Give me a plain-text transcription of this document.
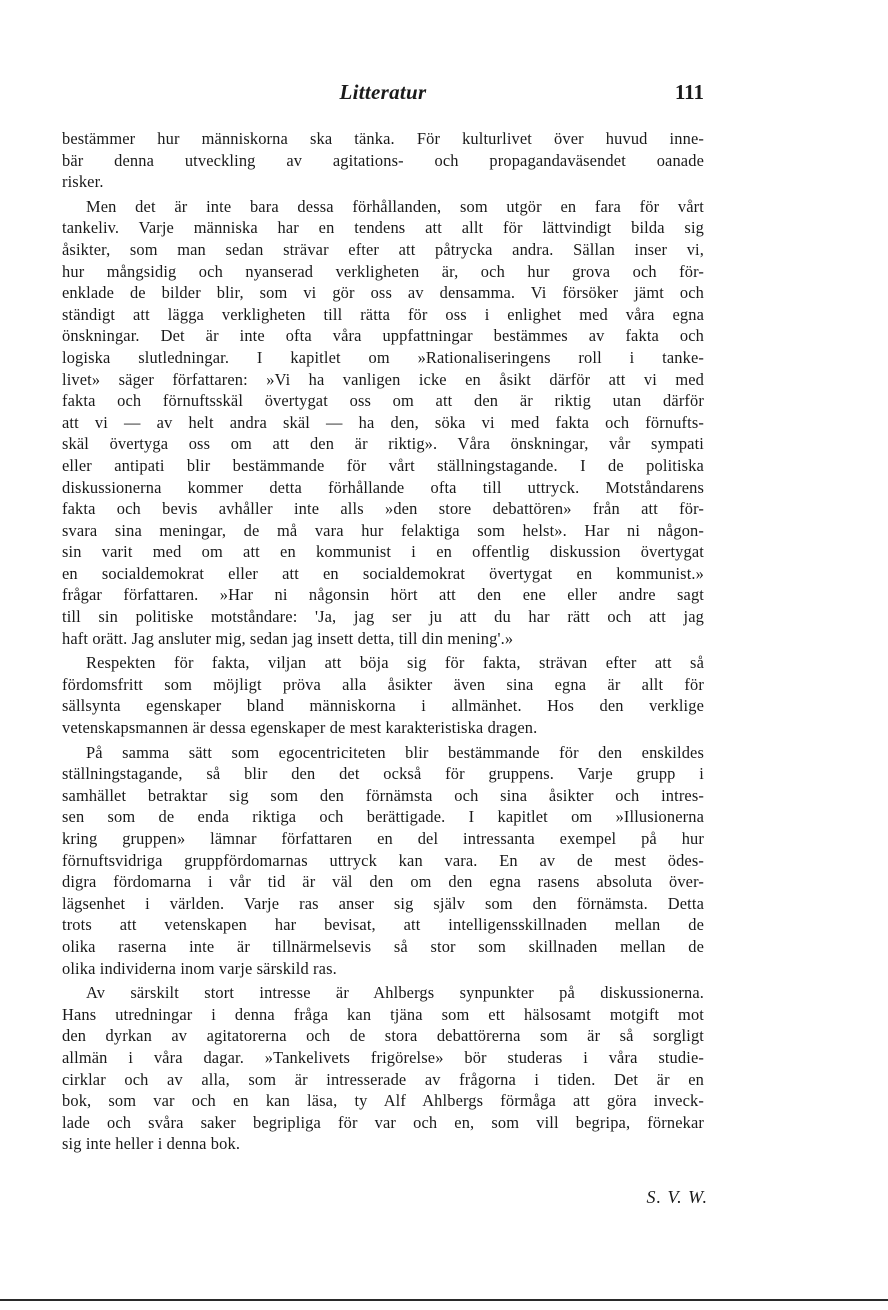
Litteratur	111
bestämmer hur människorna ska tänka. För kulturlivet över huvud inne-
bär denna utveckling av agitations- och propagandaväsendet oanade
risker.
Men det är inte bara dessa förhållanden, som utgör en fara för vårt
tankeliv. Varje människa har en tendens att allt för lättvindigt bilda sig
åsikter, som man sedan strävar efter att påtrycka andra. Sällan inser vi,
hur mångsidig och nyanserad verkligheten är, och hur grova och för-
enklade de bilder blir, som vi gör oss av densamma. Vi försöker jämt och
ständigt att lägga verkligheten till rätta för oss i enlighet med våra egna
önskningar. Det är inte ofta våra uppfattningar bestämmes av fakta och
logiska slutledningar. I kapitlet om »Rationaliseringens roll i tanke-
livet» säger författaren: »Vi ha vanligen icke en åsikt därför att vi med
fakta och förnuftsskäl övertygat oss om att den är riktig utan därför
att vi — av helt andra skäl — ha den, söka vi med fakta och förnufts-
skäl övertyga oss om att den är riktig». Våra önskningar, vår sympati
eller antipati blir bestämmande för vårt ställningstagande. I de politiska
diskussionerna kommer detta förhållande ofta till uttryck. Motståndarens
fakta och bevis avhåller inte alls »den store debattören» från att för-
svara sina meningar, de må vara hur felaktiga som helst». Har ni någon-
sin varit med om att en kommunist i en offentlig diskussion övertygat
en socialdemokrat eller att en socialdemokrat övertygat en kommunist.»
frågar författaren. »Har ni någonsin hört att den ene eller andre sagt
till sin politiske motståndare: 'Ja, jag ser ju att du har rätt och att jag
haft orätt. Jag ansluter mig, sedan jag insett detta, till din mening'.»
Respekten för fakta, viljan att böja sig för fakta, strävan efter att så
fördomsfritt som möjligt pröva alla åsikter även sina egna är allt för
sällsynta egenskaper bland människorna i allmänhet. Hos den verklige
vetenskapsmannen är dessa egenskaper de mest karakteristiska dragen.
På samma sätt som egocentriciteten blir bestämmande för den enskildes
ställningstagande, så blir den det också för gruppens. Varje grupp i
samhället betraktar sig som den förnämsta och sina åsikter och intres-
sen som de enda riktiga och berättigade. I kapitlet om »Illusionerna
kring gruppen» lämnar författaren en del intressanta exempel på hur
förnuftsvidriga gruppfördomarnas uttryck kan vara. En av de mest ödes-
digra fördomarna i vår tid är väl den om den egna rasens absoluta över-
lägsenhet i världen. Varje ras anser sig själv som den förnämsta. Detta
trots att vetenskapen har bevisat, att intelligensskillnaden mellan de
olika raserna inte är tillnärmelsevis så stor som skillnaden mellan de
olika individerna inom varje särskild ras.
Av särskilt stort intresse är Ahlbergs synpunkter på diskussionerna.
Hans utredningar i denna fråga kan tjäna som ett hälsosamt motgift mot
den dyrkan av agitatorerna och de stora debattörerna som är så sorgligt
allmän i våra dagar. »Tankelivets frigörelse» bör studeras i våra studie-
cirklar och av alla, som är intresserade av frågorna i tiden. Det är en
bok, som var och en kan läsa, ty Alf Ahlbergs förmåga att göra inveck-
lade och svåra saker begripliga för var och en, som vill begripa, förnekar
sig inte heller i denna bok.
S. V. W.
